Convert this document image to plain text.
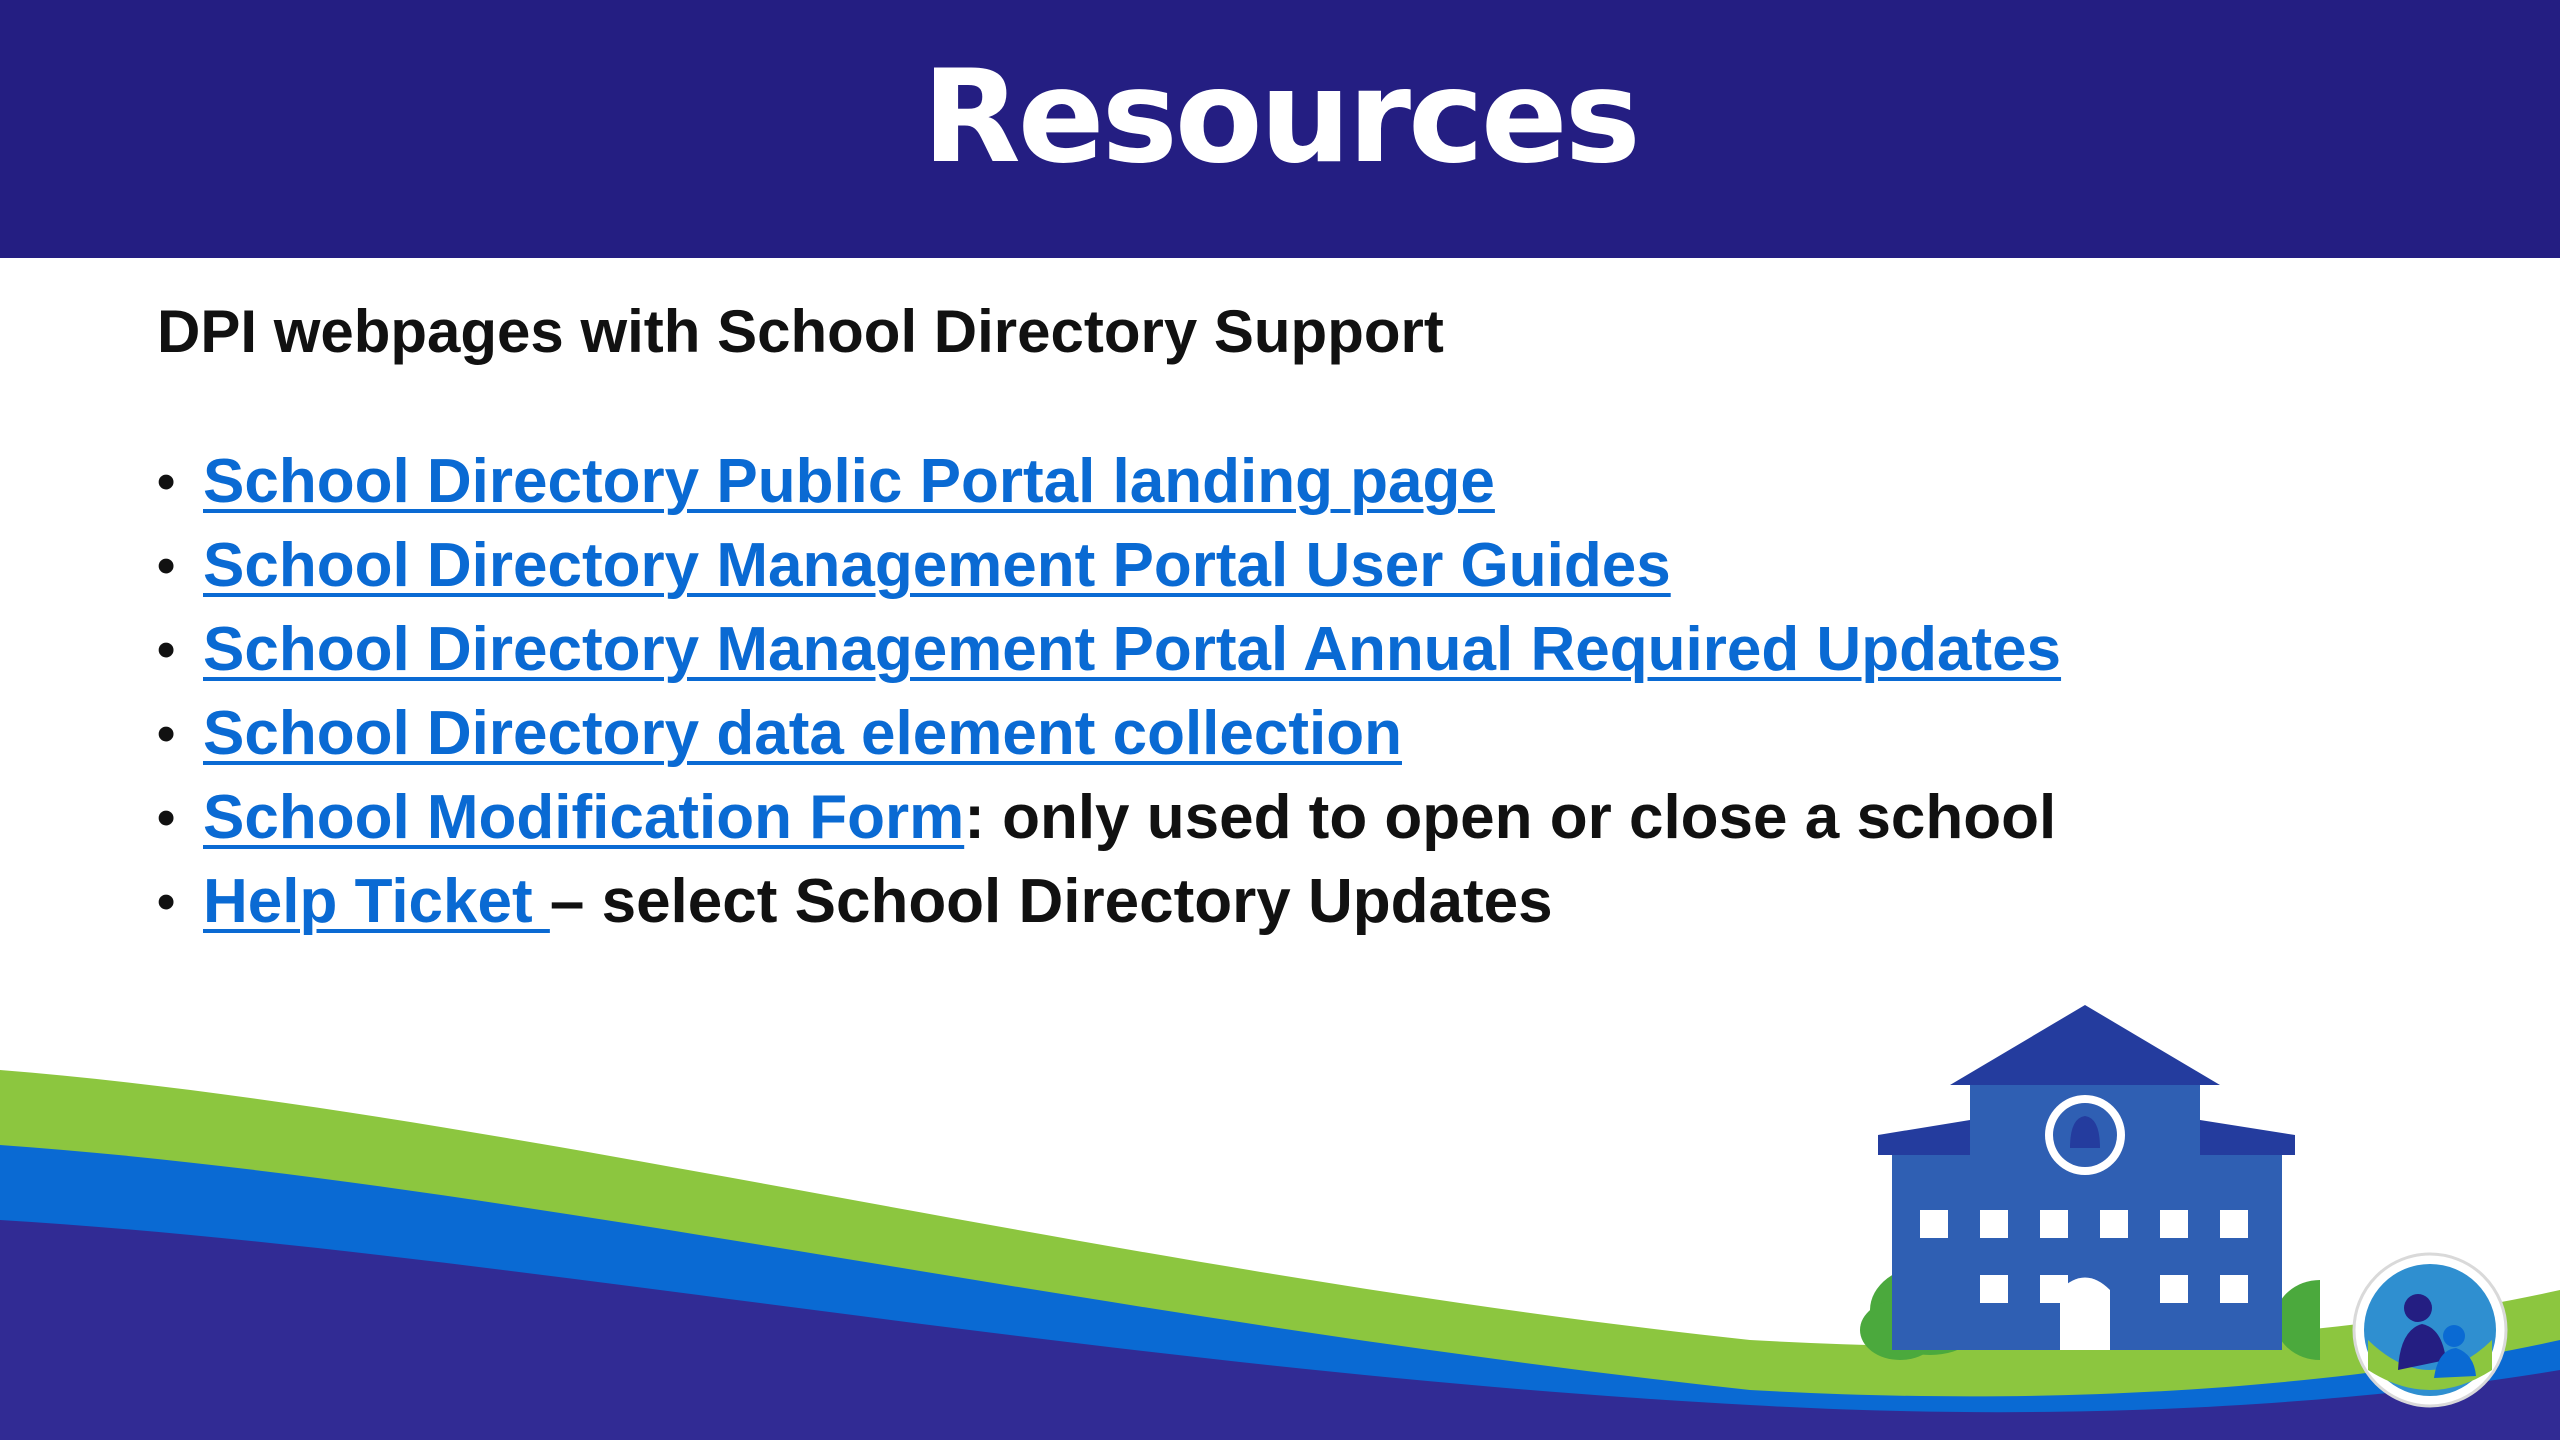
Resources

DPI webpages with School Directory Support

• School Directory Public Portal landing page
• School Directory Management Portal User Guides
• School Directory Management Portal Annual Required Updates
• School Directory data element collection
• School Modification Form: only used to open or close a school
• Help Ticket – select School Directory Updates
